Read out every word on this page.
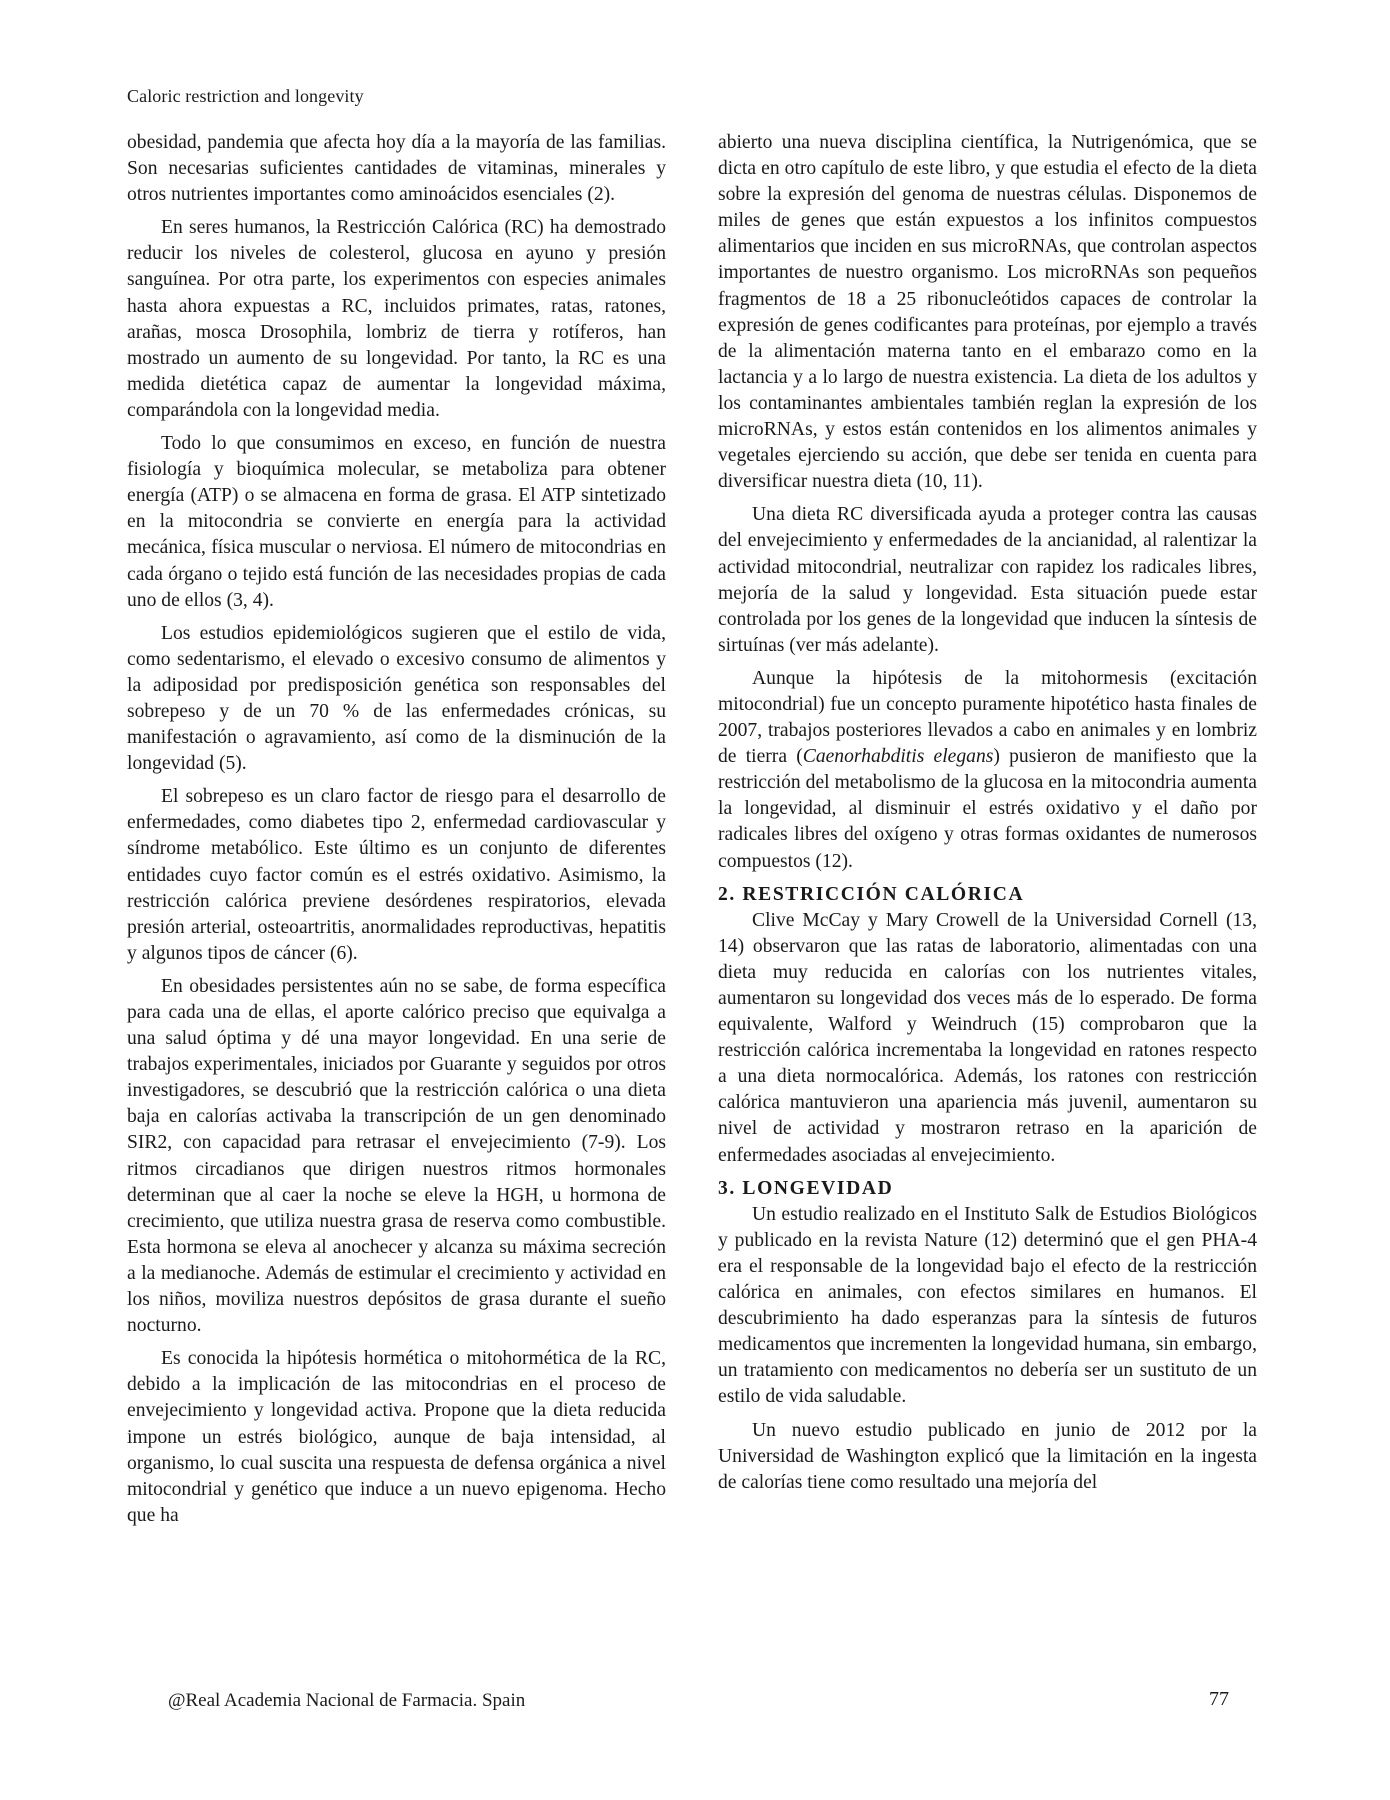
Caloric restriction and longevity

obesidad, pandemia que afecta hoy día a la mayoría de las familias. Son necesarias suficientes cantidades de vitaminas, minerales y otros nutrientes importantes como aminoácidos esenciales (2).

En seres humanos, la Restricción Calórica (RC) ha demostrado reducir los niveles de colesterol, glucosa en ayuno y presión sanguínea. Por otra parte, los experimentos con especies animales hasta ahora expuestas a RC, incluidos primates, ratas, ratones, arañas, mosca Drosophila, lombriz de tierra y rotíferos, han mostrado un aumento de su longevidad. Por tanto, la RC es una medida dietética capaz de aumentar la longevidad máxima, comparándola con la longevidad media.

Todo lo que consumimos en exceso, en función de nuestra fisiología y bioquímica molecular, se metaboliza para obtener energía (ATP) o se almacena en forma de grasa. El ATP sintetizado en la mitocondria se convierte en energía para la actividad mecánica, física muscular o nerviosa. El número de mitocondrias en cada órgano o tejido está función de las necesidades propias de cada uno de ellos (3, 4).

Los estudios epidemiológicos sugieren que el estilo de vida, como sedentarismo, el elevado o excesivo consumo de alimentos y la adiposidad por predisposición genética son responsables del sobrepeso y de un 70 % de las enfermedades crónicas, su manifestación o agravamiento, así como de la disminución de la longevidad (5).

El sobrepeso es un claro factor de riesgo para el desarrollo de enfermedades, como diabetes tipo 2, enfermedad cardiovascular y síndrome metabólico. Este último es un conjunto de diferentes entidades cuyo factor común es el estrés oxidativo. Asimismo, la restricción calórica previene desórdenes respiratorios, elevada presión arterial, osteoartritis, anormalidades reproductivas, hepatitis y algunos tipos de cáncer (6).

En obesidades persistentes aún no se sabe, de forma específica para cada una de ellas, el aporte calórico preciso que equivalga a una salud óptima y dé una mayor longevidad. En una serie de trabajos experimentales, iniciados por Guarante y seguidos por otros investigadores, se descubrió que la restricción calórica o una dieta baja en calorías activaba la transcripción de un gen denominado SIR2, con capacidad para retrasar el envejecimiento (7-9). Los ritmos circadianos que dirigen nuestros ritmos hormonales determinan que al caer la noche se eleve la HGH, u hormona de crecimiento, que utiliza nuestra grasa de reserva como combustible. Esta hormona se eleva al anochecer y alcanza su máxima secreción a la medianoche. Además de estimular el crecimiento y actividad en los niños, moviliza nuestros depósitos de grasa durante el sueño nocturno.

Es conocida la hipótesis hormética o mitohormética de la RC, debido a la implicación de las mitocondrias en el proceso de envejecimiento y longevidad activa. Propone que la dieta reducida impone un estrés biológico, aunque de baja intensidad, al organismo, lo cual suscita una respuesta de defensa orgánica a nivel mitocondrial y genético que induce a un nuevo epigenoma. Hecho que ha

abierto una nueva disciplina científica, la Nutrigenómica, que se dicta en otro capítulo de este libro, y que estudia el efecto de la dieta sobre la expresión del genoma de nuestras células. Disponemos de miles de genes que están expuestos a los infinitos compuestos alimentarios que inciden en sus microRNAs, que controlan aspectos importantes de nuestro organismo. Los microRNAs son pequeños fragmentos de 18 a 25 ribonucleótidos capaces de controlar la expresión de genes codificantes para proteínas, por ejemplo a través de la alimentación materna tanto en el embarazo como en la lactancia y a lo largo de nuestra existencia. La dieta de los adultos y los contaminantes ambientales también reglan la expresión de los microRNAs, y estos están contenidos en los alimentos animales y vegetales ejerciendo su acción, que debe ser tenida en cuenta para diversificar nuestra dieta (10, 11).

Una dieta RC diversificada ayuda a proteger contra las causas del envejecimiento y enfermedades de la ancianidad, al ralentizar la actividad mitocondrial, neutralizar con rapidez los radicales libres, mejoría de la salud y longevidad. Esta situación puede estar controlada por los genes de la longevidad que inducen la síntesis de sirtuínas (ver más adelante).

Aunque la hipótesis de la mitohormesis (excitación mitocondrial) fue un concepto puramente hipotético hasta finales de 2007, trabajos posteriores llevados a cabo en animales y en lombriz de tierra (Caenorhabditis elegans) pusieron de manifiesto que la restricción del metabolismo de la glucosa en la mitocondria aumenta la longevidad, al disminuir el estrés oxidativo y el daño por radicales libres del oxígeno y otras formas oxidantes de numerosos compuestos (12).

2. RESTRICCIÓN CALÓRICA

Clive McCay y Mary Crowell de la Universidad Cornell (13, 14) observaron que las ratas de laboratorio, alimentadas con una dieta muy reducida en calorías con los nutrientes vitales, aumentaron su longevidad dos veces más de lo esperado. De forma equivalente, Walford y Weindruch (15) comprobaron que la restricción calórica incrementaba la longevidad en ratones respecto a una dieta normocalórica. Además, los ratones con restricción calórica mantuvieron una apariencia más juvenil, aumentaron su nivel de actividad y mostraron retraso en la aparición de enfermedades asociadas al envejecimiento.

3. LONGEVIDAD

Un estudio realizado en el Instituto Salk de Estudios Biológicos y publicado en la revista Nature (12) determinó que el gen PHA-4 era el responsable de la longevidad bajo el efecto de la restricción calórica en animales, con efectos similares en humanos. El descubrimiento ha dado esperanzas para la síntesis de futuros medicamentos que incrementen la longevidad humana, sin embargo, un tratamiento con medicamentos no debería ser un sustituto de un estilo de vida saludable.

Un nuevo estudio publicado en junio de 2012 por la Universidad de Washington explicó que la limitación en la ingesta de calorías tiene como resultado una mejoría del

@Real Academia Nacional de Farmacia. Spain	77
